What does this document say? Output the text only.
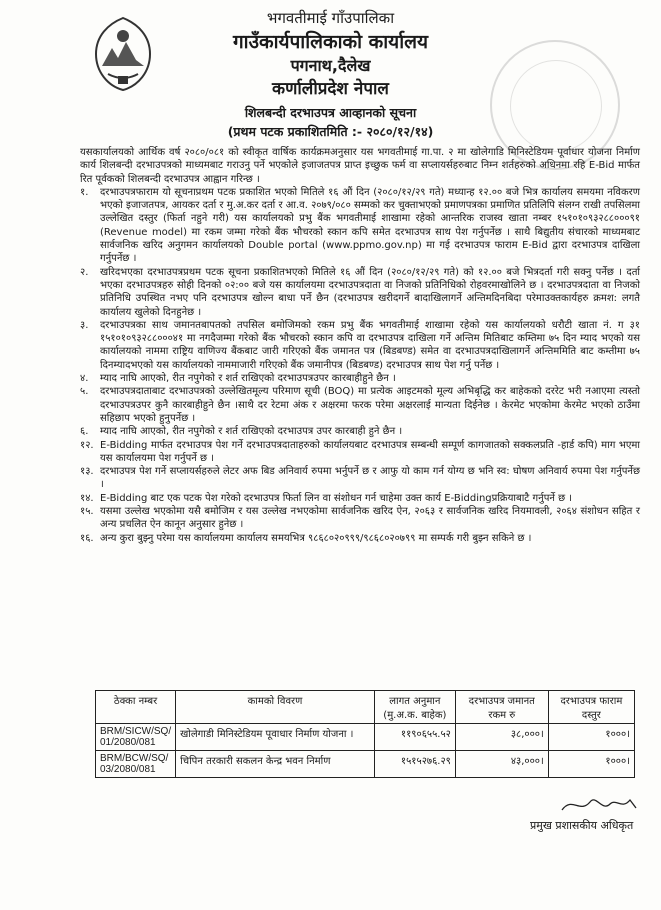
भगवतीमाई गाँउपालिका
गाउँकार्यपालिकाको कार्यालय
पगनाथ,दैलेख
कर्णालीप्रदेश नेपाल
शिलबन्दी दरभाउपत्र आव्हानको सूचना
(प्रथम पटक प्रकाशितमिति :- २०८०/१२/१४)

यसकार्यालयको आर्थिक वर्ष २०८०/०८१ को स्वीकृत वार्षिक कार्यक्रमअनुसार यस भगवतीमाई गा.पा. २ मा खोलेगाडि मिनिस्टेडियम पूर्वाधार योजना निर्माण कार्य शिलबन्दी दरभाउपत्रको माध्यमबाट गराउनु पर्ने भएकोले इजाजतपत्र प्राप्त इच्छुक फर्म वा सप्लायर्सहरुबाट निम्न शर्तहरुको अधिनमा रहि E-Bid मार्फत रित पूर्वकको शिलबन्दी दरभाउपत्र आह्वान गरिन्छ ।

१.	दरभाउपत्रफाराम यो सूचनाप्रथम पटक प्रकाशित भएको मितिले १६ औं दिन (२०८०/१२/२९ गते) मध्यान्ह १२.०० बजे भित्र कार्यालय समयमा नविकरण भएको इजाजतपत्र, आयकर दर्ता र मु.अ.कर दर्ता र आ.व. २०७९/०८० सम्मको कर चुक्ताभएको प्रमाणपत्रका प्रमाणित प्रतिलिपि संलग्न राखी तपसिलमा उल्लेखित दस्तुर (फिर्ता नहुने गरी) यस कार्यालयको प्रभु बैंक भगवतीमाई शाखामा रहेको आन्तरिक राजस्व खाता नम्बर १५१०१०९३२८८०००९१ (Revenue model) मा रकम जम्मा गरेको बैंक भौचरको स्कान कपि समेत दरभाउपत्र साथ पेश गर्नुपर्नेछ । साथै बिद्युतीय संचारको माध्यमबाट सार्वजनिक खरिद अनुगमन कार्यालयको Double portal (www.ppmo.gov.np) मा गई दरभाउपत्र फाराम E-Bid द्वारा दरभाउपत्र दाखिला गर्नुपर्नेछ ।
२.	खरिदभएका दरभाउपत्रप्रथम पटक सूचना प्रकाशितभएको मितिले १६ औं दिन (२०८०/१२/२९ गते) को १२.०० बजे भित्रदर्ता गरी सक्नु पर्नेछ । दर्ता भएका दरभाउपत्रहरु सोही दिनको ०२:०० बजे यस कार्यालयमा दरभाउपत्रदाता वा निजको प्रतिनिधिको रोहवरमाखोलिने छ । दरभाउपत्रदाता वा निजको प्रतिनिधि उपस्थित नभए पनि दरभाउपत्र खोल्न बाधा पर्ने छैन (दरभाउपत्र खरीदगर्ने बादाखिलागर्ने अन्तिमदिनबिदा परेमाउक्तकार्यहरु क्रमश: लगतै कार्यालय खुलेको दिनहुनेछ ।
३.	दरभाउपत्रका साथ जमानतबापतको तपसिल बमोजिमको रकम प्रभु बैंक भगवतीमाई शाखामा रहेको यस कार्यालयको धरौटी खाता नं. ग ३१ १५१०१०९३२८८०००४१ मा नगदैजम्मा गरेको बैंक भौचरको स्कान कपि वा दरभाउपत्र दाखिला गर्ने अन्तिम मितिबाट कम्तिमा ७५ दिन म्याद भएको यस कार्यालयको नाममा राष्ट्रिय वाणिज्य बैंकबाट जारी गरिएको बैंक जमानत पत्र (बिडबण्ड) समेत वा दरभाउपत्रदाखिलागर्ने अन्तिममिति बाट कम्तीमा ७५ दिनम्यादभएको यस कार्यालयको नाममाजारी गरिएको बैंक जमानीपत्र (बिडबण्ड) दरभाउपत्र साथ पेश गर्नु पर्नेछ ।
४.	म्याद नाघि आएको, रीत नपुगेको र शर्त राखिएको दरभाउपत्रउपर कारबाहीहुने छैन ।
५.	दरभाउपत्रदाताबाट दरभाउपत्रको उल्लेखितमूल्य परिमाण सूची (BOQ) मा प्रत्येक आइटमको मूल्य अभिबृद्धि कर बाहेकको दररेट भरी नआएमा त्यस्तो दरभाउपत्रउपर कुनै कारबाहीहुने छैन ।साथै दर रेटमा अंक र अक्षरमा फरक परेमा अक्षरलाई मान्यता दिईनेछ । केरमेट भएकोमा केरमेट भएको ठाउँमा सहिछाप भएको हुनुपर्नेछ ।
६.	म्याद नाघि आएको, रीत नपुगेको र शर्त राखिएको दरभाउपत्र उपर कारबाही हुने छैन ।
१२. E-Bidding मार्फत दरभाउपत्र पेश गर्ने दरभाउपत्रदाताहरुको कार्यालयबाट दरभाउपत्र सम्बन्धी सम्पूर्ण कागजातको सक्कलप्रति -हार्ड कपि) माग भएमा यस कार्यालयमा पेश गर्नुपर्ने छ ।
१३. दरभाउपत्र पेश गर्ने सप्लायर्सहरुले लेटर अफ बिड अनिवार्य रुपमा भर्नुपर्ने छ र आफु यो काम गर्न योग्य छ भनि स्व: घोषण अनिवार्य रुपमा पेश गर्नुपर्नेछ ।
१४. E-Bidding बाट एक पटक पेश गरेको दरभाउपत्र फिर्ता लिन वा संशोधन गर्न चाहेमा उक्त कार्य E-Biddingप्रक्रियाबाटै गर्नुपर्ने छ ।
१५. यसमा उल्लेख भएकोमा यसै बमोजिम र यस उल्लेख नभएकोमा सार्वजनिक खरिद ऐन, २०६३ र सार्वजनिक खरिद नियमावली, २०६४ संशोधन सहित र अन्य प्रचलित ऐन कानून अनुसार हुनेछ ।
१६. अन्य कुरा बुझ्नु परेमा यस कार्यालयमा कार्यालय समयभित्र ९८६८०२०९९९/९८६८०२०७९९ मा सम्पर्क गरी बुझ्न सकिने छ ।
ठेक्का नम्बर	कामको विवरण	लागत अनुमान (मु.अ.क. बाहेक)	दरभाउपत्र जमानत रकम रु	दरभाउपत्र फाराम दस्तुर
BRM/SICW/SQ/ 01/2080/081	खोलेगाडी मिनिस्टेडियम पूवाधार निर्माण योजना ।	११९०६५५.५२	३८,०००।	१०००।
BRM/BCW/SQ/ 03/2080/081	चिपिन तरकारी सकलन केन्द्र भवन निर्माण	१५१५२७६.२९	४३,०००।	१०००।
प्रमुख प्रशासकीय अधिकृत
